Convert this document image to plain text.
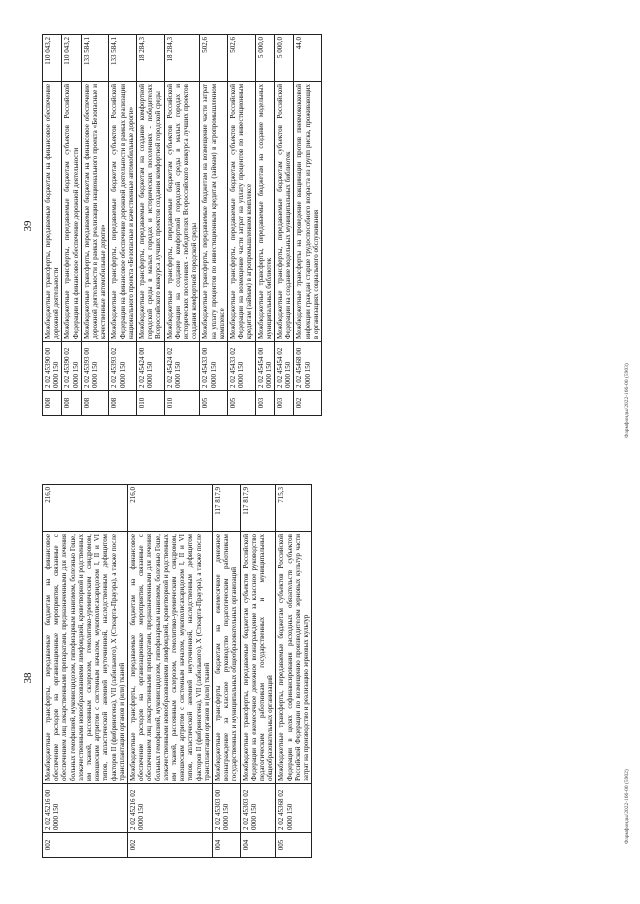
38
002	2 02 45216 00 0000 150	Межбюджетные трансферты, передаваемые бюджетам на финансовое обеспечение расходов на организационные мероприятия, связанные с обеспечением лиц лекарственными препаратами, предназначенными для лечения больных гемофилией, муковисцидозом, гипофизарным нанизмом, болезнью Гоше, злокачественными новообразованиями лимфоидной, кроветворной и родственных им тканей, рассеянным склерозом, гемолитико-уремическим синдромом, юношеским артритом с системным началом, мукополисахаридозом I, II и VI типов, апластической анемией неуточненной, наследственным дефицитом факторов II (фибриногена), VII (лабильного), X (Стюарта-Прауэра), а также после трансплантации органов и (или) тканей	216,0
002	2 02 45216 02 0000 150	Межбюджетные трансферты, передаваемые бюджетам на финансовое обеспечение расходов на организационные мероприятия, связанные с обеспечением лиц лекарственными препаратами, предназначенными для лечения больных гемофилией, муковисцидозом, гипофизарным нанизмом, болезнью Гоше, злокачественными новообразованиями лимфоидной, кроветворной и родственных им тканей, рассеянным склерозом, гемолитико-уремическим синдромом, юношеским артритом с системным началом, мукополисахаридозом I, II и VI типов, апластической анемией неуточненной, наследственным дефицитом факторов II (фибриногена), VII (лабильного), X (Стюарта-Прауэра), а также после трансплантации органов и (или) тканей	216,0
004	2 02 45303 00 0000 150	Межбюджетные трансферты бюджетам на ежемесячное денежное вознаграждение за классное руководство педагогическим работникам государственных и муниципальных общеобразовательных организаций	117 817,9
004	2 02 45303 02 0000 150	Межбюджетные трансферты, передаваемые бюджетам субъектов Российской Федерации на ежемесячное денежное вознаграждение за классное руководство педагогическим работникам государственных и муниципальных общеобразовательных организаций	117 817,9
005	2 02 45368 02 0000 150	Межбюджетные трансферты, передаваемые бюджетам субъектов Российской Федерации в целях софинансирования расходных обязательств субъектов Российской Федерации по возмещению производителям зерновых культур части затрат на производство и реализацию зерновых культур	715,3
Фармфонды/2022-166-00 (5902)
39
008	2 02 45390 00 0000 150	Межбюджетные трансферты, передаваемые бюджетам на финансовое обеспечение дорожной деятельности	110 043,2
008	2 02 45390 02 0000 150	Межбюджетные трансферты, передаваемые бюджетам субъектов Российской Федерации на финансовое обеспечение дорожной деятельности	110 043,2
008	2 02 45393 00 0000 150	Межбюджетные трансферты, передаваемые бюджетам на финансовое обеспечение дорожной деятельности в рамках реализации национального проекта «Безопасные и качественные автомобильные дороги»	133 584,1
008	2 02 45393 02 0000 150	Межбюджетные трансферты, передаваемые бюджетам субъектов Российской Федерации на финансовое обеспечение дорожной деятельности в рамках реализации национального проекта «Безопасные и качественные автомобильные дороги»	133 584,1
010	2 02 45424 00 0000 150	Межбюджетные трансферты, передаваемые бюджетам на создание комфортной городской среды в малых городах и исторических поселениях - победителях Всероссийского конкурса лучших проектов создания комфортной городской среды	18 284,3
010	2 02 45424 02 0000 150	Межбюджетные трансферты, передаваемые бюджетам субъектов Российской Федерации на создание комфортной городской среды в малых городах и исторических поселениях - победителях Всероссийского конкурса лучших проектов создания комфортной городской среды	18 284,3
005	2 02 45433 00 0000 150	Межбюджетные трансферты, передаваемые бюджетам на возмещение части затрат на уплату процентов по инвестиционным кредитам (займам) в агропромышленном комплексе	502,6
005	2 02 45433 02 0000 150	Межбюджетные трансферты, передаваемые бюджетам субъектов Российской Федерации на возмещение части затрат на уплату процентов по инвестиционным кредитам (займам) в агропромышленном комплексе	502,6
003	2 02 45454 00 0000 150	Межбюджетные трансферты, передаваемые бюджетам на создание модельных муниципальных библиотек	5 000,0
003	2 02 45454 02 0000 150	Межбюджетные трансферты, передаваемые бюджетам субъектов Российской Федерации на создание модельных муниципальных библиотек	5 000,0
002	2 02 45468 00 0000 150	Межбюджетные трансферты на проведение вакцинации против пневмококковой инфекции граждан старше трудоспособного возраста из групп риска, проживающих в организациях социального обслуживания	44,0
Фармфонды/2022-166-00 (5903)
